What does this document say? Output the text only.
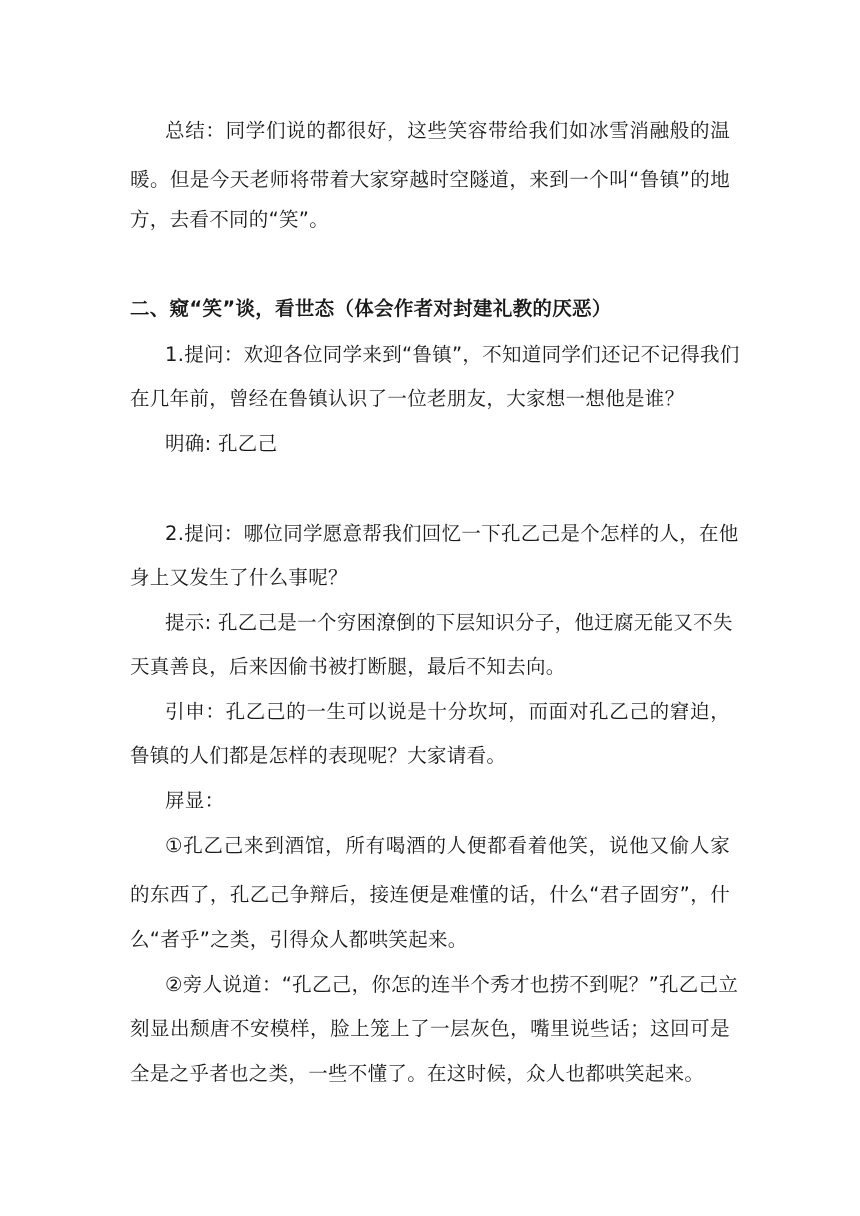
总结：同学们说的都很好，这些笑容带给我们如冰雪消融般的温
暖。但是今天老师将带着大家穿越时空隧道，来到一个叫“鲁镇”的地
方，去看不同的“笑”。
二、窥“笑”谈，看世态（体会作者对封建礼教的厌恶）
1.提问：欢迎各位同学来到“鲁镇”，不知道同学们还记不记得我们
在几年前，曾经在鲁镇认识了一位老朋友，大家想一想他是谁？
明确: 孔乙己
2.提问：哪位同学愿意帮我们回忆一下孔乙己是个怎样的人，在他
身上又发生了什么事呢？
提示: 孔乙己是一个穷困潦倒的下层知识分子，他迂腐无能又不失
天真善良，后来因偷书被打断腿，最后不知去向。
引申：孔乙己的一生可以说是十分坎坷，而面对孔乙己的窘迫，
鲁镇的人们都是怎样的表现呢？大家请看。
屏显：
①孔乙己来到酒馆，所有喝酒的人便都看着他笑，说他又偷人家
的东西了，孔乙己争辩后，接连便是难懂的话，什么“君子固穷”，什
么“者乎”之类，引得众人都哄笑起来。
②旁人说道：“孔乙己，你怎的连半个秀才也捞不到呢？”孔乙己立
刻显出颓唐不安模样，脸上笼上了一层灰色，嘴里说些话；这回可是
全是之乎者也之类，一些不懂了。在这时候，众人也都哄笑起来。
